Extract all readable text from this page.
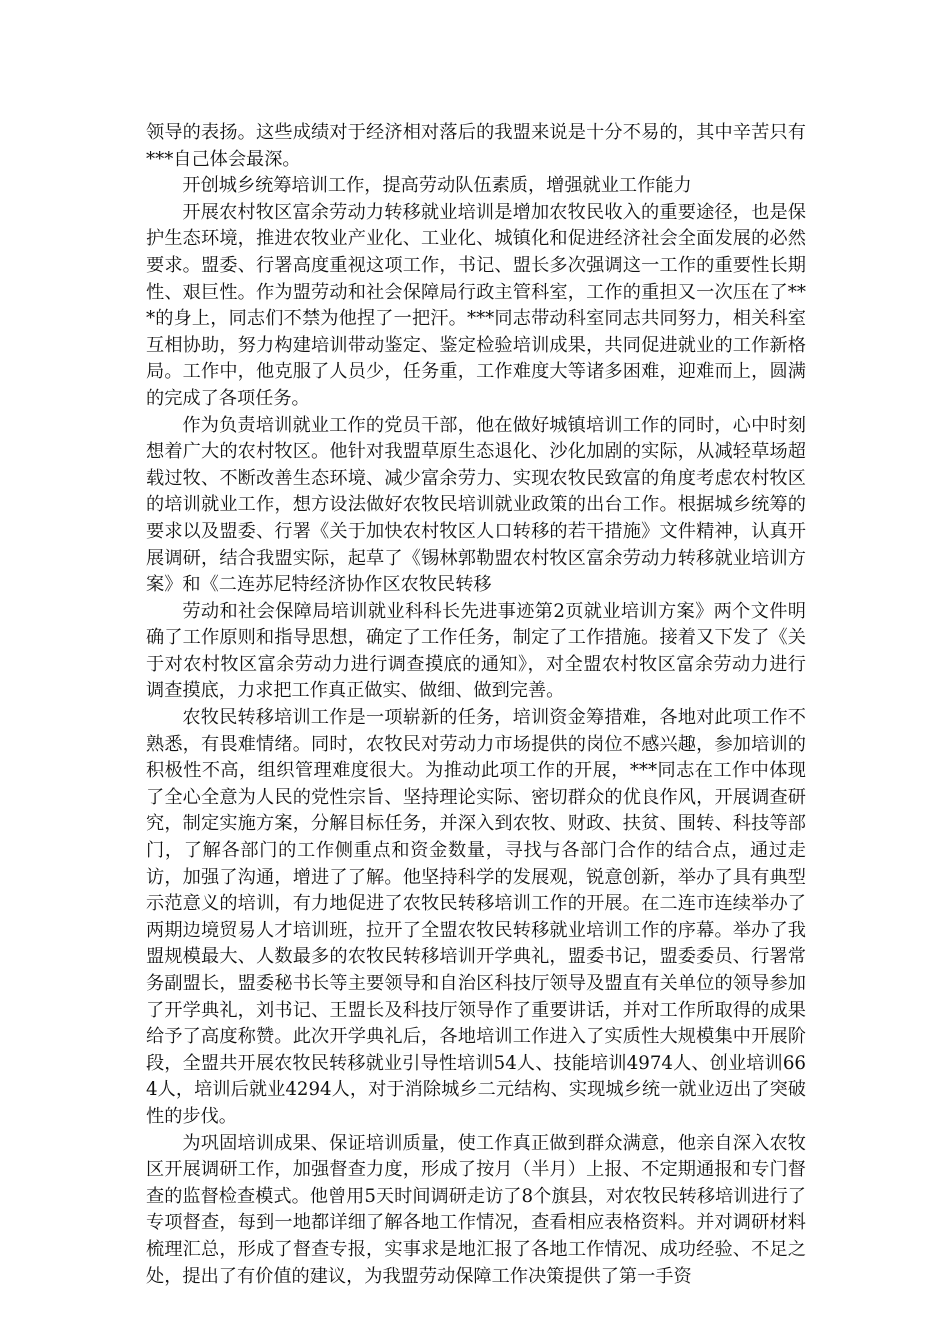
领导的表扬。这些成绩对于经济相对落后的我盟来说是十分不易的，其中辛苦只有***自己体会最深。

开创城乡统筹培训工作，提高劳动队伍素质，增强就业工作能力

开展农村牧区富余劳动力转移就业培训是增加农牧民收入的重要途径，也是保护生态环境，推进农牧业产业化、工业化、城镇化和促进经济社会全面发展的必然要求。盟委、行署高度重视这项工作，书记、盟长多次强调这一工作的重要性长期性、艰巨性。作为盟劳动和社会保障局行政主管科室，工作的重担又一次压在了***的身上，同志们不禁为他捏了一把汗。***同志带动科室同志共同努力，相关科室互相协助，努力构建培训带动鉴定、鉴定检验培训成果，共同促进就业的工作新格局。工作中，他克服了人员少，任务重，工作难度大等诸多困难，迎难而上，圆满的完成了各项任务。

作为负责培训就业工作的党员干部，他在做好城镇培训工作的同时，心中时刻想着广大的农村牧区。他针对我盟草原生态退化、沙化加剧的实际，从减轻草场超载过牧、不断改善生态环境、减少富余劳力、实现农牧民致富的角度考虑农村牧区的培训就业工作，想方设法做好农牧民培训就业政策的出台工作。根据城乡统筹的要求以及盟委、行署《关于加快农村牧区人口转移的若干措施》文件精神，认真开展调研，结合我盟实际，起草了《锡林郭勒盟农村牧区富余劳动力转移就业培训方案》和《二连苏尼特经济协作区农牧民转移

劳动和社会保障局培训就业科科长先进事迹第2页就业培训方案》两个文件明确了工作原则和指导思想，确定了工作任务，制定了工作措施。接着又下发了《关于对农村牧区富余劳动力进行调查摸底的通知》，对全盟农村牧区富余劳动力进行调查摸底，力求把工作真正做实、做细、做到完善。

农牧民转移培训工作是一项崭新的任务，培训资金筹措难，各地对此项工作不熟悉，有畏难情绪。同时，农牧民对劳动力市场提供的岗位不感兴趣，参加培训的积极性不高，组织管理难度很大。为推动此项工作的开展，***同志在工作中体现了全心全意为人民的党性宗旨、坚持理论实际、密切群众的优良作风，开展调查研究，制定实施方案，分解目标任务，并深入到农牧、财政、扶贫、围转、科技等部门，了解各部门的工作侧重点和资金数量，寻找与各部门合作的结合点，通过走访，加强了沟通，增进了了解。他坚持科学的发展观，锐意创新，举办了具有典型示范意义的培训，有力地促进了农牧民转移培训工作的开展。在二连市连续举办了两期边境贸易人才培训班，拉开了全盟农牧民转移就业培训工作的序幕。举办了我盟规模最大、人数最多的农牧民转移培训开学典礼，盟委书记，盟委委员、行署常务副盟长，盟委秘书长等主要领导和自治区科技厅领导及盟直有关单位的领导参加了开学典礼，刘书记、王盟长及科技厅领导作了重要讲话，并对工作所取得的成果给予了高度称赞。此次开学典礼后，各地培训工作进入了实质性大规模集中开展阶段，全盟共开展农牧民转移就业引导性培训54人、技能培训4974人、创业培训664人，培训后就业4294人，对于消除城乡二元结构、实现城乡统一就业迈出了突破性的步伐。

为巩固培训成果、保证培训质量，使工作真正做到群众满意，他亲自深入农牧区开展调研工作，加强督查力度，形成了按月（半月）上报、不定期通报和专门督查的监督检查模式。他曾用5天时间调研走访了8个旗县，对农牧民转移培训进行了专项督查，每到一地都详细了解各地工作情况，查看相应表格资料。并对调研材料梳理汇总，形成了督查专报，实事求是地汇报了各地工作情况、成功经验、不足之处，提出了有价值的建议，为我盟劳动保障工作决策提供了第一手资
